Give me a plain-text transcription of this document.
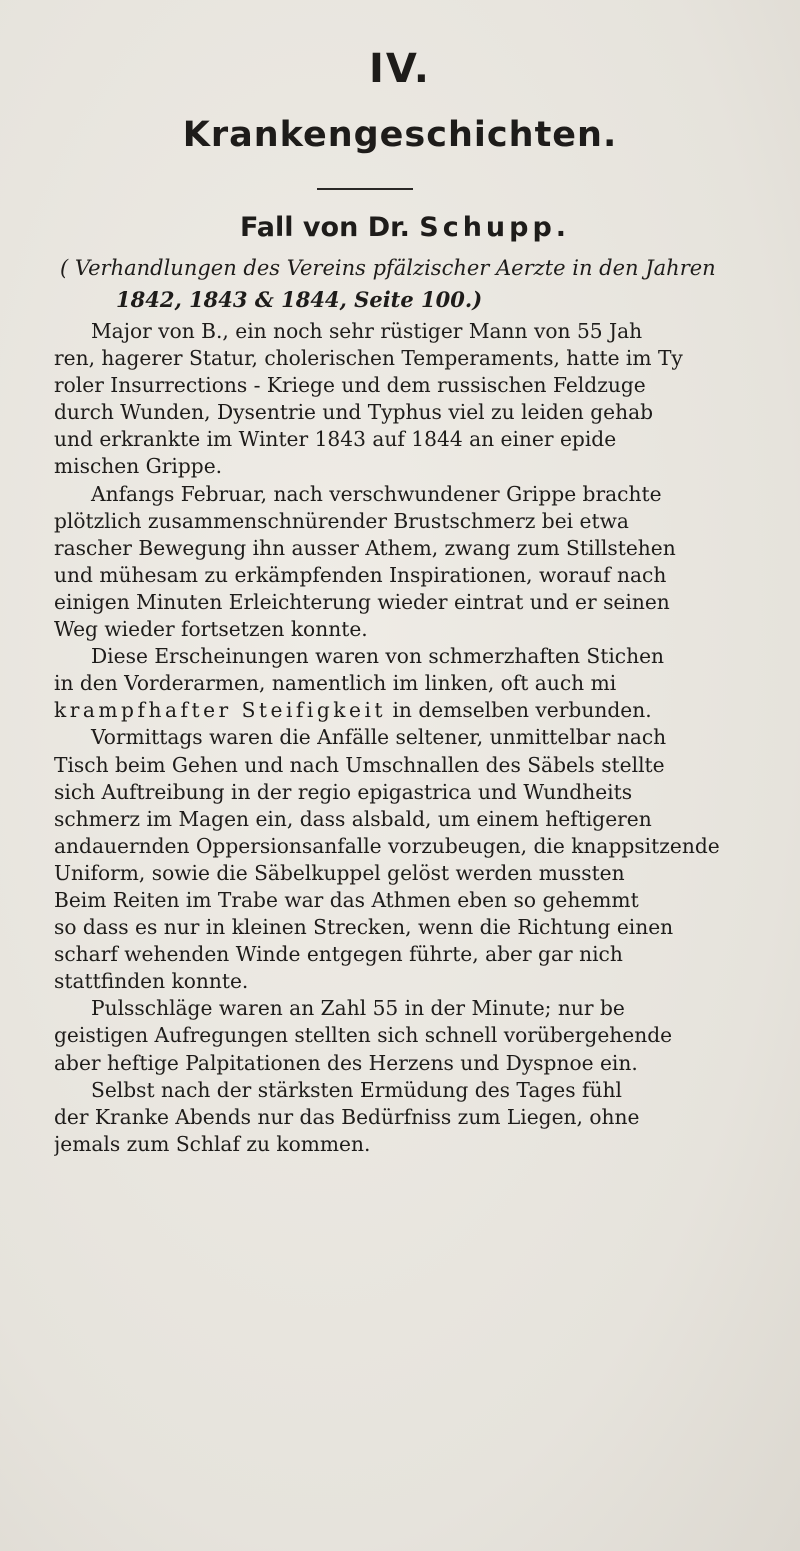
IV.
Krankengeschichten.
Fall von Dr. Schupp.
( Verhandlungen des Vereins pfälzischer Aerzte in den Jahren
1842, 1843 & 1844, Seite 100.)
Major von B., ein noch sehr rüstiger Mann von 55 Jah
ren, hagerer Statur, cholerischen Temperaments, hatte im Ty
roler Insurrections - Kriege und dem russischen Feldzuge
durch Wunden, Dysentrie und Typhus viel zu leiden gehab
und erkrankte im Winter 1843 auf 1844 an einer epide
mischen Grippe.
Anfangs Februar, nach verschwundener Grippe brachte
plötzlich zusammenschnürender Brustschmerz bei etwa
rascher Bewegung ihn ausser Athem, zwang zum Stillstehen
und mühesam zu erkämpfenden Inspirationen, worauf nach
einigen Minuten Erleichterung wieder eintrat und er seinen
Weg wieder fortsetzen konnte.
Diese Erscheinungen waren von schmerzhaften Stichen
in den Vorderarmen, namentlich im linken, oft auch mi
krampfhafter Steifigkeit in demselben verbunden.
Vormittags waren die Anfälle seltener, unmittelbar nach
Tisch beim Gehen und nach Umschnallen des Säbels stellte
sich Auftreibung in der regio epigastrica und Wundheits
schmerz im Magen ein, dass alsbald, um einem heftigeren
andauernden Oppersionsanfalle vorzubeugen, die knappsitzende
Uniform, sowie die Säbelkuppel gelöst werden mussten
Beim Reiten im Trabe war das Athmen eben so gehemmt
so dass es nur in kleinen Strecken, wenn die Richtung einen
scharf wehenden Winde entgegen führte, aber gar nich
stattfinden konnte.
Pulsschläge waren an Zahl 55 in der Minute; nur be
geistigen Aufregungen stellten sich schnell vorübergehende
aber heftige Palpitationen des Herzens und Dyspnoe ein.
Selbst nach der stärksten Ermüdung des Tages fühl
der Kranke Abends nur das Bedürfniss zum Liegen, ohne
jemals zum Schlaf zu kommen.
